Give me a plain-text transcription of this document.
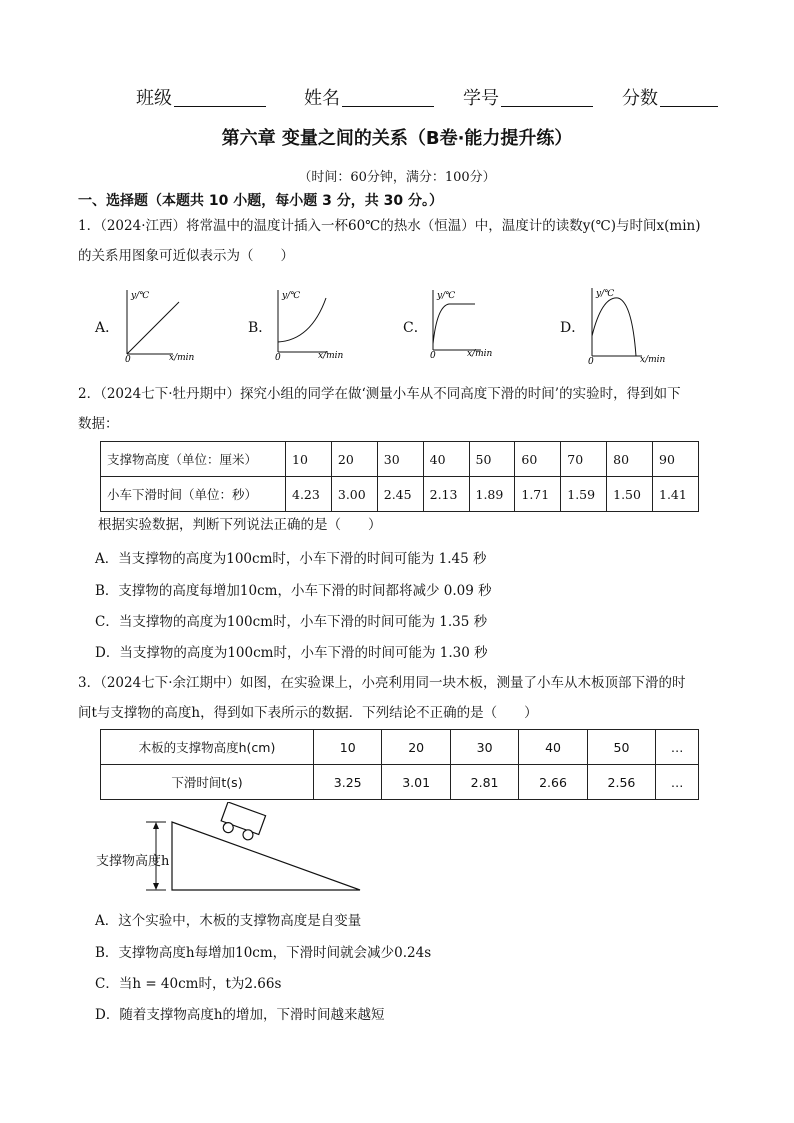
班级	姓名	学号	分数
第六章 变量之间的关系（B卷·能力提升练）
（时间：60分钟，满分：100分）
一、选择题（本题共 10 小题，每小题 3 分，共 30 分。）
1．（2024·江西）将常温中的温度计插入一杯60℃的热水（恒温）中，温度计的读数y(℃)与时间x(min)
的关系用图象可近似表示为（　　）
A．
y/℃
0	x/min
B．
y/℃
0	x/min
C．
y/℃
0	x/min
D．
y/℃
0	x/min
2．（2024七下·牡丹期中）探究小组的同学在做‘测量小车从不同高度下滑的时间’的实验时，得到如下
数据：
支撑物高度（单位：厘米）	10	20	30	40	50	60	70	80	90
小车下滑时间（单位：秒）	4.23	3.00	2.45	2.13	1.89	1.71	1.59	1.50	1.41
根据实验数据，判断下列说法正确的是（　　）
A．当支撑物的高度为100cm时，小车下滑的时间可能为 1.45 秒
B．支撑物的高度每增加10cm，小车下滑的时间都将减少 0.09 秒
C．当支撑物的高度为100cm时，小车下滑的时间可能为 1.35 秒
D．当支撑物的高度为100cm时，小车下滑的时间可能为 1.30 秒
3．（2024七下·余江期中）如图，在实验课上，小亮利用同一块木板，测量了小车从木板顶部下滑的时
间t与支撑物的高度h，得到如下表所示的数据．下列结论不正确的是（　　）
木板的支撑物高度h(cm)	10	20	30	40	50	…
下滑时间t(s)	3.25	3.01	2.81	2.66	2.56	…
支撑物高度h
A．这个实验中，木板的支撑物高度是自变量
B．支撑物高度h每增加10cm，下滑时间就会减少0.24s
C．当h = 40cm时，t为2.66s
D．随着支撑物高度h的增加，下滑时间越来越短
